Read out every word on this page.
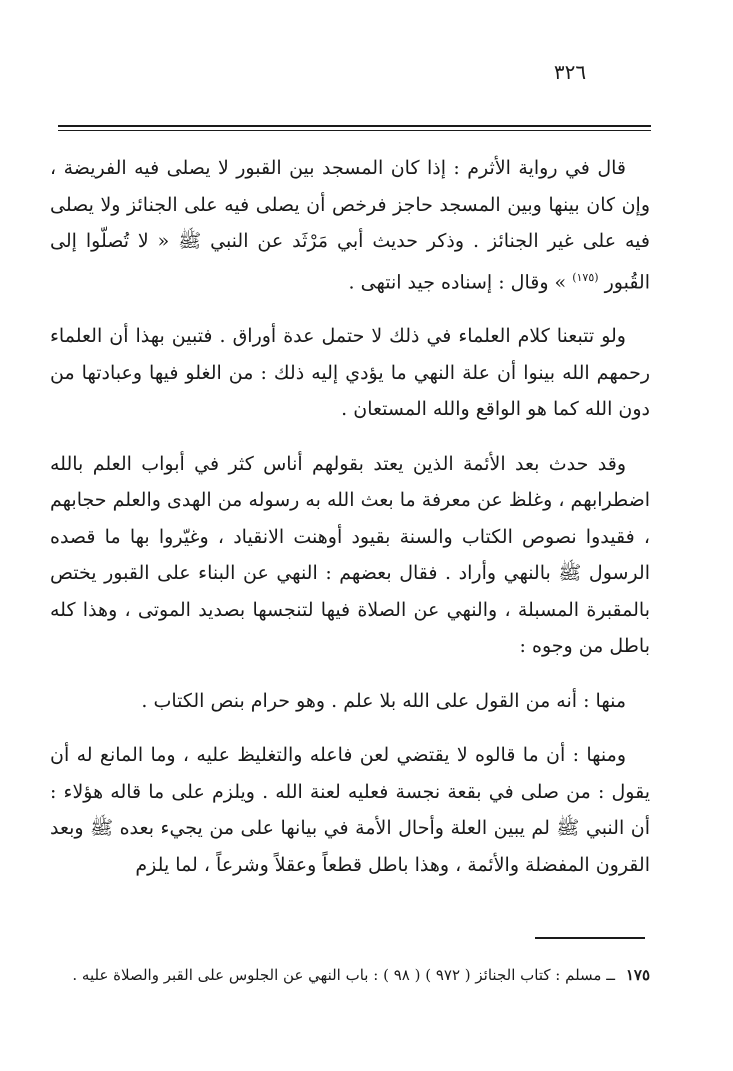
٣٢٦

قال في رواية الأثرم : إذا كان المسجد بين القبور لا يصلى فيه الفريضة ، وإن كان بينها وبين المسجد حاجز فرخص أن يصلى فيه على الجنائز ولا يصلى فيه على غير الجنائز . وذكر حديث أبي مَرْثَد عن النبي ﷺ « لا تُصلّوا إلى القُبور $^{(١٧٥)}$ » وقال : إسناده جيد انتهى .

ولو تتبعنا كلام العلماء في ذلك لا حتمل عدة أوراق . فتبين بهذا أن العلماء رحمهم الله بينوا أن علة النهي ما يؤدي إليه ذلك : من الغلو فيها وعبادتها من دون الله كما هو الواقع والله المستعان .

وقد حدث بعد الأئمة الذين يعتد بقولهم أناس كثر في أبواب العلم بالله اضطرابهم ، وغلظ عن معرفة ما بعث الله به رسوله من الهدى والعلم حجابهم ، فقيدوا نصوص الكتاب والسنة بقيود أوهنت الانقياد ، وغيّروا بها ما قصده الرسول ﷺ بالنهي وأراد . فقال بعضهم : النهي عن البناء على القبور يختص بالمقبرة المسبلة ، والنهي عن الصلاة فيها لتنجسها بصديد الموتى ، وهذا كله باطل من وجوه :

منها : أنه من القول على الله بلا علم . وهو حرام بنص الكتاب .

ومنها : أن ما قالوه لا يقتضي لعن فاعله والتغليظ عليه ، وما المانع له أن يقول : من صلى في بقعة نجسة فعليه لعنة الله . ويلزم على ما قاله هؤلاء : أن النبي ﷺ لم يبين العلة وأحال الأمة في بيانها على من يجيء بعده ﷺ وبعد القرون المفضلة والأئمة ، وهذا باطل قطعاً وعقلاً وشرعاً ، لما يلزم

١٧٥ ــ مسلم : كتاب الجنائز ( ٩٧٢ ) ( ٩٨ ) : باب النهي عن الجلوس على القبر والصلاة عليه .
